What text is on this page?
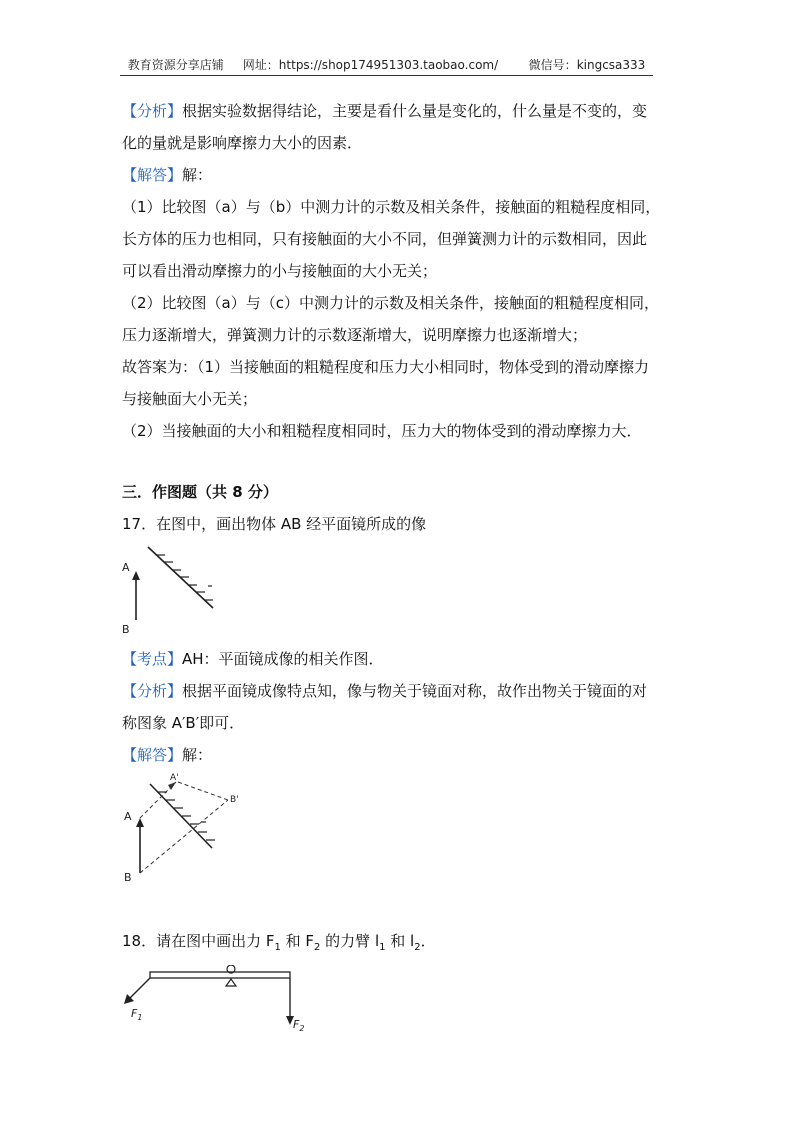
教育资源分享店铺 网址：https://shop174951303.taobao.com/	微信号：kingcsa333
【分析】根据实验数据得结论，主要是看什么量是变化的，什么量是不变的，变
化的量就是影响摩擦力大小的因素．
【解答】解：
（1）比较图（a）与（b）中测力计的示数及相关条件，接触面的粗糙程度相同，
长方体的压力也相同，只有接触面的大小不同，但弹簧测力计的示数相同，因此
可以看出滑动摩擦力的小与接触面的大小无关；
（2）比较图（a）与（c）中测力计的示数及相关条件，接触面的粗糙程度相同，
压力逐渐增大，弹簧测力计的示数逐渐增大，说明摩擦力也逐渐增大；
故答案为：（1）当接触面的粗糙程度和压力大小相同时，物体受到的滑动摩擦力
与接触面大小无关；
（2）当接触面的大小和粗糙程度相同时，压力大的物体受到的滑动摩擦力大．
三．作图题（共 8 分）
17．在图中，画出物体 AB 经平面镜所成的像
A
B
【考点】AH：平面镜成像的相关作图．
【分析】根据平面镜成像特点知，像与物关于镜面对称，故作出物关于镜面的对
称图象 A′B′即可．
【解答】解：
A
B
A'
B'
18．请在图中画出力 $F_1$ 和 $F_2$ 的力臂 $l_1$ 和 $l_2$．
$F_1$
$F_2$
